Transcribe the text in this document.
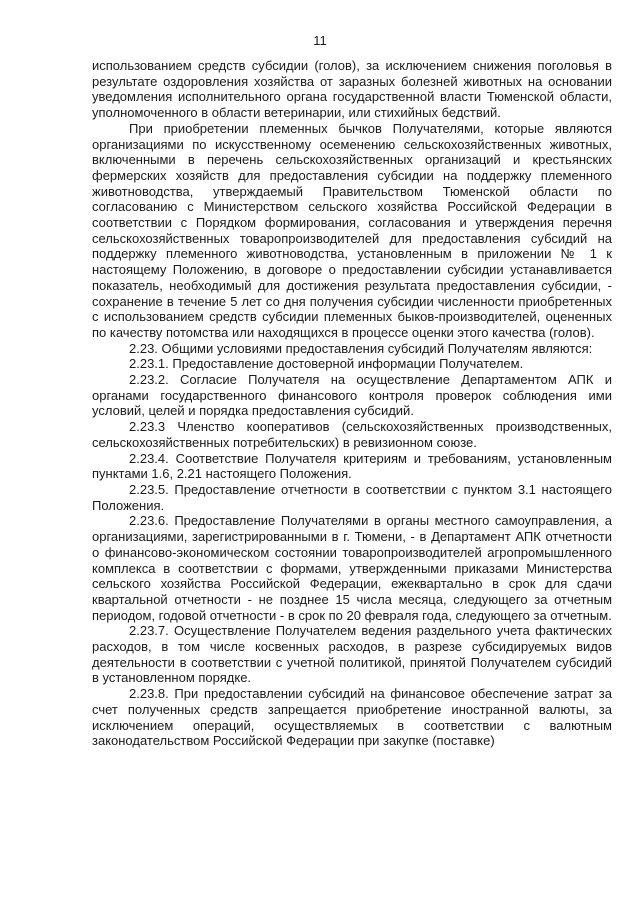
11

использованием средств субсидии (голов), за исключением снижения поголовья в результате оздоровления хозяйства от заразных болезней животных на основании уведомления исполнительного органа государственной власти Тюменской области, уполномоченного в области ветеринарии, или стихийных бедствий.

При приобретении племенных бычков Получателями, которые являются организациями по искусственному осеменению сельскохозяйственных животных, включенными в перечень сельскохозяйственных организаций и крестьянских фермерских хозяйств для предоставления субсидии на поддержку племенного животноводства, утверждаемый Правительством Тюменской области по согласованию с Министерством сельского хозяйства Российской Федерации в соответствии с Порядком формирования, согласования и утверждения перечня сельскохозяйственных товаропроизводителей для предоставления субсидий на поддержку племенного животноводства, установленным в приложении № 1 к настоящему Положению, в договоре о предоставлении субсидии устанавливается показатель, необходимый для достижения результата предоставления субсидии, - сохранение в течение 5 лет со дня получения субсидии численности приобретенных с использованием средств субсидии племенных быков-производителей, оцененных по качеству потомства или находящихся в процессе оценки этого качества (голов).

2.23. Общими условиями предоставления субсидий Получателям являются:

2.23.1. Предоставление достоверной информации Получателем.

2.23.2. Согласие Получателя на осуществление Департаментом АПК и органами государственного финансового контроля проверок соблюдения ими условий, целей и порядка предоставления субсидий.

2.23.3 Членство кооперативов (сельскохозяйственных производственных, сельскохозяйственных потребительских) в ревизионном союзе.

2.23.4. Соответствие Получателя критериям и требованиям, установленным пунктами 1.6, 2.21 настоящего Положения.

2.23.5. Предоставление отчетности в соответствии с пунктом 3.1 настоящего Положения.

2.23.6. Предоставление Получателями в органы местного самоуправления, а организациями, зарегистрированными в г. Тюмени, - в Департамент АПК отчетности о финансово-экономическом состоянии товаропроизводителей агропромышленного комплекса в соответствии с формами, утвержденными приказами Министерства сельского хозяйства Российской Федерации, ежеквартально в срок для сдачи квартальной отчетности - не позднее 15 числа месяца, следующего за отчетным периодом, годовой отчетности - в срок по 20 февраля года, следующего за отчетным.

2.23.7. Осуществление Получателем ведения раздельного учета фактических расходов, в том числе косвенных расходов, в разрезе субсидируемых видов деятельности в соответствии с учетной политикой, принятой Получателем субсидий в установленном порядке.

2.23.8. При предоставлении субсидий на финансовое обеспечение затрат за счет полученных средств запрещается приобретение иностранной валюты, за исключением операций, осуществляемых в соответствии с валютным законодательством Российской Федерации при закупке (поставке)
